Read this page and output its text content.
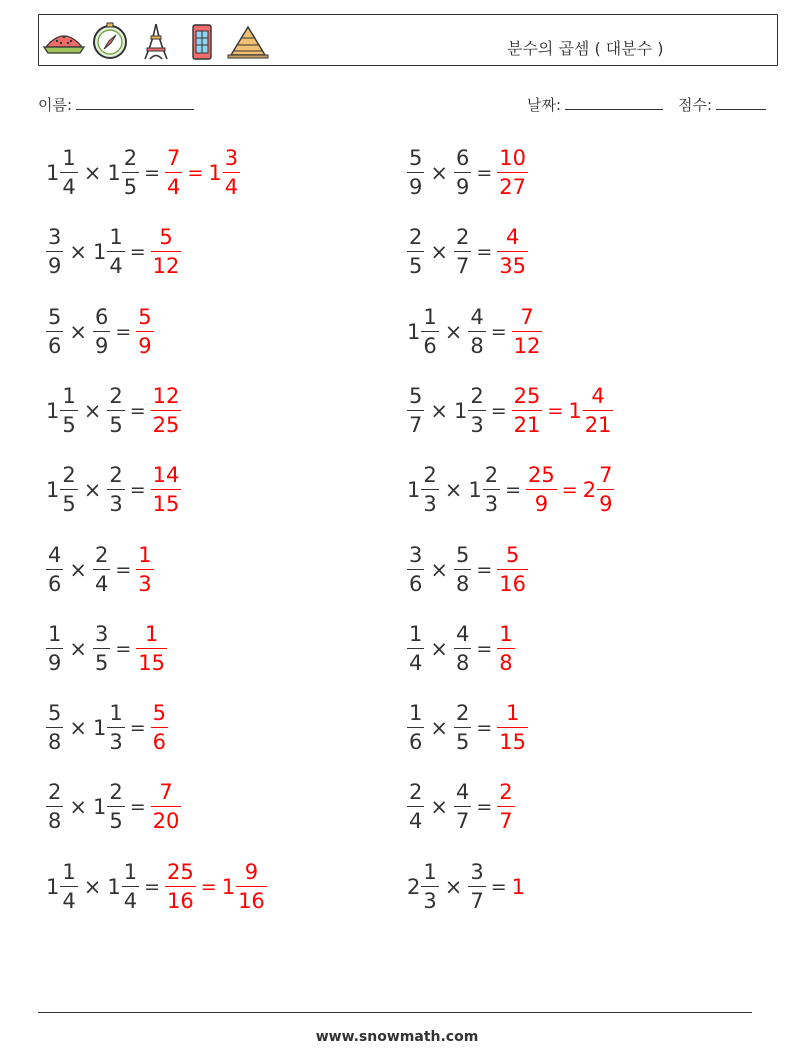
분수의 곱셈 ( 대분수 )
이름:	날짜:	점수:
$1 \frac{1}{4} \times 1 \frac{2}{5} = \frac{7}{4} = 1 \frac{3}{4}$	$\frac{5}{9} \times \frac{6}{9} = \frac{10}{27}$
$\frac{3}{9} \times 1 \frac{1}{4} = \frac{5}{12}$	$\frac{2}{5} \times \frac{2}{7} = \frac{4}{35}$
$\frac{5}{6} \times \frac{6}{9} = \frac{5}{9}$	$1 \frac{1}{6} \times \frac{4}{8} = \frac{7}{12}$
$1 \frac{1}{5} \times \frac{2}{5} = \frac{12}{25}$	$\frac{5}{7} \times 1 \frac{2}{3} = \frac{25}{21} = 1 \frac{4}{21}$
$1 \frac{2}{5} \times \frac{2}{3} = \frac{14}{15}$	$1 \frac{2}{3} \times 1 \frac{2}{3} = \frac{25}{9} = 2 \frac{7}{9}$
$\frac{4}{6} \times \frac{2}{4} = \frac{1}{3}$	$\frac{3}{6} \times \frac{5}{8} = \frac{5}{16}$
$\frac{1}{9} \times \frac{3}{5} = \frac{1}{15}$	$\frac{1}{4} \times \frac{4}{8} = \frac{1}{8}$
$\frac{5}{8} \times 1 \frac{1}{3} = \frac{5}{6}$	$\frac{1}{6} \times \frac{2}{5} = \frac{1}{15}$
$\frac{2}{8} \times 1 \frac{2}{5} = \frac{7}{20}$	$\frac{2}{4} \times \frac{4}{7} = \frac{2}{7}$
$1 \frac{1}{4} \times 1 \frac{1}{4} = \frac{25}{16} = 1 \frac{9}{16}$	$2 \frac{1}{3} \times \frac{3}{7} = 1$
www.snowmath.com
